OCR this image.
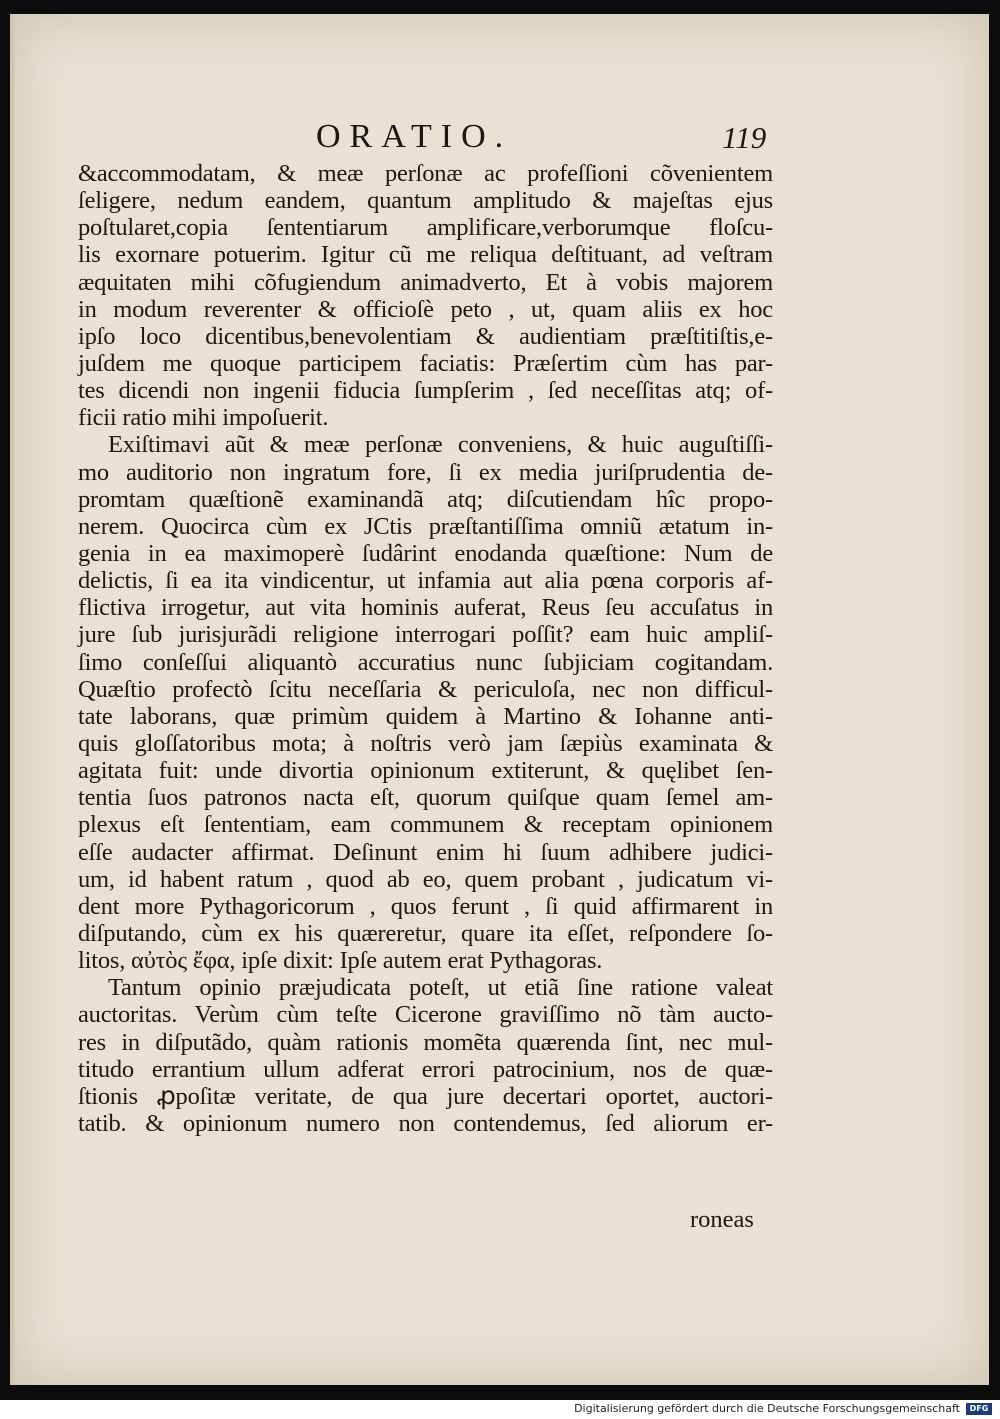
ORATIO.	119
&accommodatam, & meæ perſonæ ac profeſſioni cõvenientem
ſeligere, nedum eandem, quantum amplitudo & majeſtas ejus
poſtularet,copia ſententiarum amplificare,verborumque floſcu-
lis exornare potuerim. Igitur cũ me reliqua deſtituant, ad veſtram
æquitaten mihi cõfugiendum animadverto, Et à vobis majorem
in modum reverenter & officioſè peto , ut, quam aliis ex hoc
ipſo loco dicentibus,benevolentiam & audientiam præſtitiſtis,e-
juſdem me quoque participem faciatis: Præſertim cùm has par-
tes dicendi non ingenii fiducia ſumpſerim , ſed neceſſitas atq; of-
ficii ratio mihi impoſuerit.
Exiſtimavi aũt & meæ perſonæ conveniens, & huic auguſtiſſi-
mo auditorio non ingratum fore, ſi ex media juriſprudentia de-
promtam quæſtionẽ examinandã atq; diſcutiendam hîc propo-
nerem. Quocirca cùm ex JCtis præſtantiſſima omniũ ætatum in-
genia in ea maximoperè ſudârint enodanda quæſtione: Num de
delictis, ſi ea ita vindicentur, ut infamia aut alia pœna corporis af-
flictiva irrogetur, aut vita hominis auferat, Reus ſeu accuſatus in
jure ſub jurisjurãdi religione interrogari poſſit? eam huic ampliſ-
ſimo conſeſſui aliquantò accuratius nunc ſubjiciam cogitandam.
Quæſtio profectò ſcitu neceſſaria & periculoſa, nec non difficul-
tate laborans, quæ primùm quidem à Martino & Iohanne anti-
quis gloſſatoribus mota; à noſtris verò jam ſæpiùs examinata &
agitata fuit: unde divortia opinionum extiterunt, & quęlibet ſen-
tentia ſuos patronos nacta eſt, quorum quiſque quam ſemel am-
plexus eſt ſententiam, eam communem & receptam opinionem
eſſe audacter affirmat. Deſinunt enim hi ſuum adhibere judici-
um, id habent ratum , quod ab eo, quem probant , judicatum vi-
dent more Pythagoricorum , quos ferunt , ſi quid affirmarent in
diſputando, cùm ex his quæreretur, quare ita eſſet, reſpondere ſo-
litos, αὐτὸς ἔφα, ipſe dixit: Ipſe autem erat Pythagoras.
Tantum opinio præjudicata poteſt, ut etiã ſine ratione valeat
auctoritas. Verùm cùm teſte Cicerone graviſſimo nõ tàm aucto-
res in diſputãdo, quàm rationis momẽta quærenda ſint, nec mul-
titudo errantium ullum adferat errori patrocinium, nos de quæ-
ſtionis ꝓpoſitæ veritate, de qua jure decertari oportet, auctori-
tatib. & opinionum numero non contendemus, ſed aliorum er-
roneas
Digitalisierung gefördert durch die Deutsche Forschungsgemeinschaft	DFG
